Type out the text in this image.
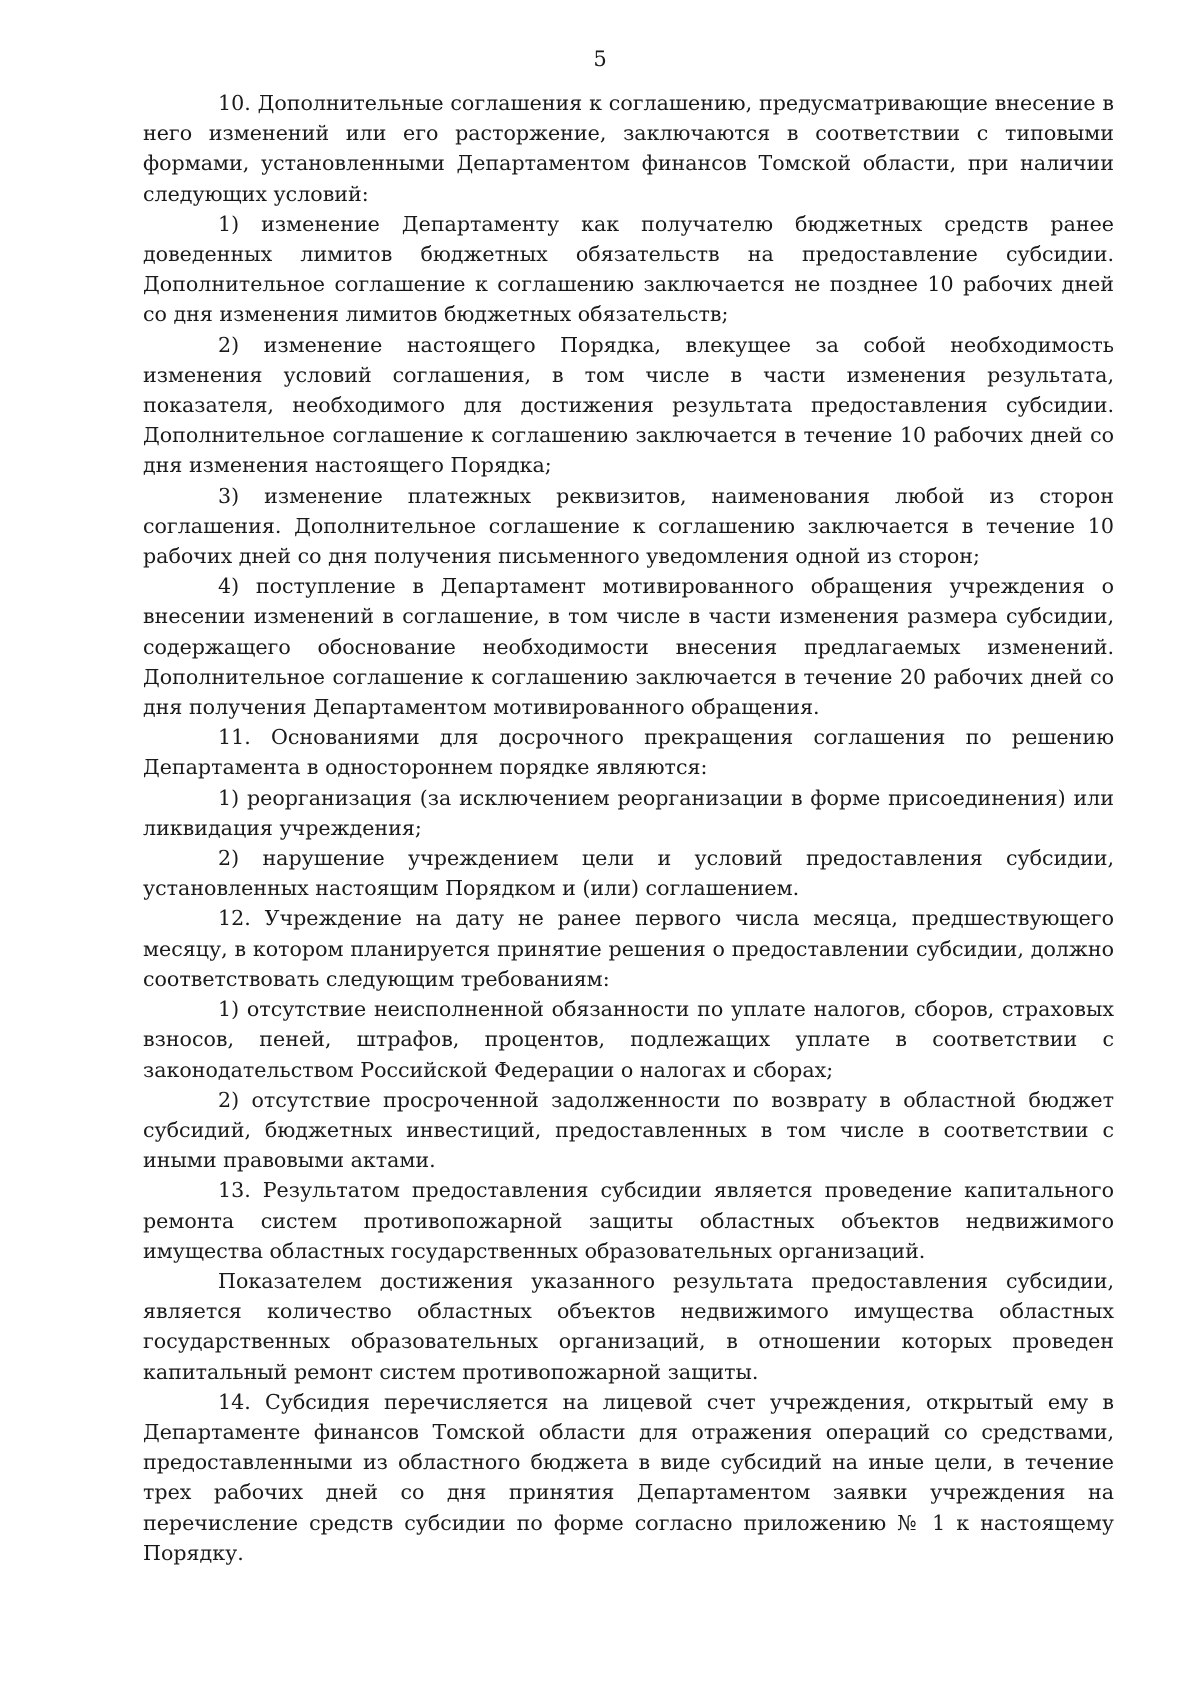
5

10. Дополнительные соглашения к соглашению, предусматривающие внесение в него изменений или его расторжение, заключаются в соответствии с типовыми формами, установленными Департаментом финансов Томской области, при наличии следующих условий:

1) изменение Департаменту как получателю бюджетных средств ранее доведенных лимитов бюджетных обязательств на предоставление субсидии. Дополнительное соглашение к соглашению заключается не позднее 10 рабочих дней со дня изменения лимитов бюджетных обязательств;

2) изменение настоящего Порядка, влекущее за собой необходимость изменения условий соглашения, в том числе в части изменения результата, показателя, необходимого для достижения результата предоставления субсидии. Дополнительное соглашение к соглашению заключается в течение 10 рабочих дней со дня изменения настоящего Порядка;

3) изменение платежных реквизитов, наименования любой из сторон соглашения. Дополнительное соглашение к соглашению заключается в течение 10 рабочих дней со дня получения письменного уведомления одной из сторон;

4) поступление в Департамент мотивированного обращения учреждения о внесении изменений в соглашение, в том числе в части изменения размера субсидии, содержащего обоснование необходимости внесения предлагаемых изменений. Дополнительное соглашение к соглашению заключается в течение 20 рабочих дней со дня получения Департаментом мотивированного обращения.

11. Основаниями для досрочного прекращения соглашения по решению Департамента в одностороннем порядке являются:

1) реорганизация (за исключением реорганизации в форме присоединения) или ликвидация учреждения;

2) нарушение учреждением цели и условий предоставления субсидии, установленных настоящим Порядком и (или) соглашением.

12. Учреждение на дату не ранее первого числа месяца, предшествующего месяцу, в котором планируется принятие решения о предоставлении субсидии, должно соответствовать следующим требованиям:

1) отсутствие неисполненной обязанности по уплате налогов, сборов, страховых взносов, пеней, штрафов, процентов, подлежащих уплате в соответствии с законодательством Российской Федерации о налогах и сборах;

2) отсутствие просроченной задолженности по возврату в областной бюджет субсидий, бюджетных инвестиций, предоставленных в том числе в соответствии с иными правовыми актами.

13. Результатом предоставления субсидии является проведение капитального ремонта систем противопожарной защиты областных объектов недвижимого имущества областных государственных образовательных организаций.

Показателем достижения указанного результата предоставления субсидии, является количество областных объектов недвижимого имущества областных государственных образовательных организаций, в отношении которых проведен капитальный ремонт систем противопожарной защиты.

14. Субсидия перечисляется на лицевой счет учреждения, открытый ему в Департаменте финансов Томской области для отражения операций со средствами, предоставленными из областного бюджета в виде субсидий на иные цели, в течение трех рабочих дней со дня принятия Департаментом заявки учреждения на перечисление средств субсидии по форме согласно приложению № 1 к настоящему Порядку.
